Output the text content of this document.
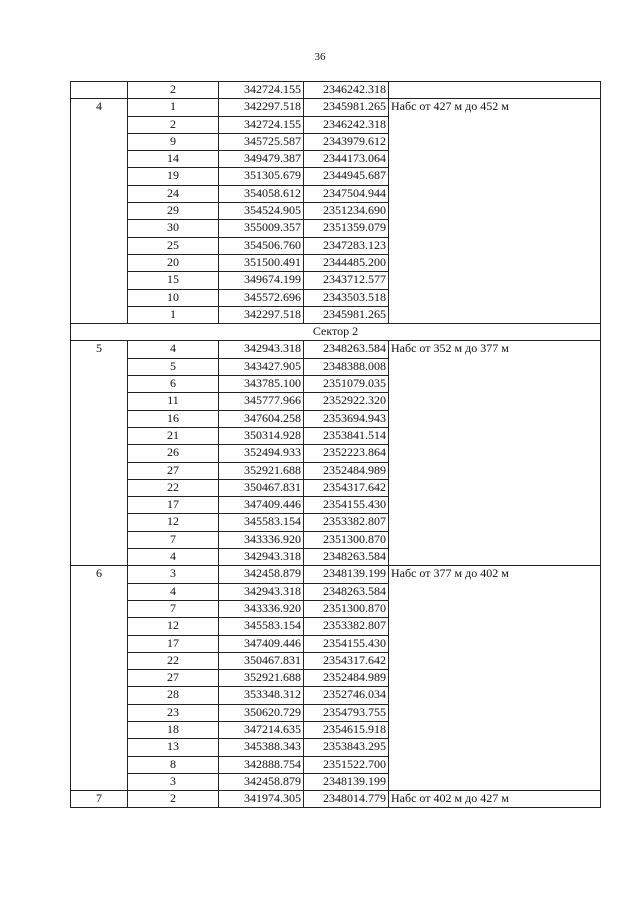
36
	2	342724.155	2346242.318	
4	1	342297.518	2345981.265	Набс от 427 м до 452 м
	2	342724.155	2346242.318	
	9	345725.587	2343979.612	
	14	349479.387	2344173.064	
	19	351305.679	2344945.687	
	24	354058.612	2347504.944	
	29	354524.905	2351234.690	
	30	355009.357	2351359.079	
	25	354506.760	2347283.123	
	20	351500.491	2344485.200	
	15	349674.199	2343712.577	
	10	345572.696	2343503.518	
	1	342297.518	2345981.265	
Сектор 2				
5	4	342943.318	2348263.584	Набс от 352 м до 377 м
	5	343427.905	2348388.008	
	6	343785.100	2351079.035	
	11	345777.966	2352922.320	
	16	347604.258	2353694.943	
	21	350314.928	2353841.514	
	26	352494.933	2352223.864	
	27	352921.688	2352484.989	
	22	350467.831	2354317.642	
	17	347409.446	2354155.430	
	12	345583.154	2353382.807	
	7	343336.920	2351300.870	
	4	342943.318	2348263.584	
6	3	342458.879	2348139.199	Набс от 377 м до 402 м
	4	342943.318	2348263.584	
	7	343336.920	2351300.870	
	12	345583.154	2353382.807	
	17	347409.446	2354155.430	
	22	350467.831	2354317.642	
	27	352921.688	2352484.989	
	28	353348.312	2352746.034	
	23	350620.729	2354793.755	
	18	347214.635	2354615.918	
	13	345388.343	2353843.295	
	8	342888.754	2351522.700	
	3	342458.879	2348139.199	
7	2	341974.305	2348014.779	Набс от 402 м до 427 м
